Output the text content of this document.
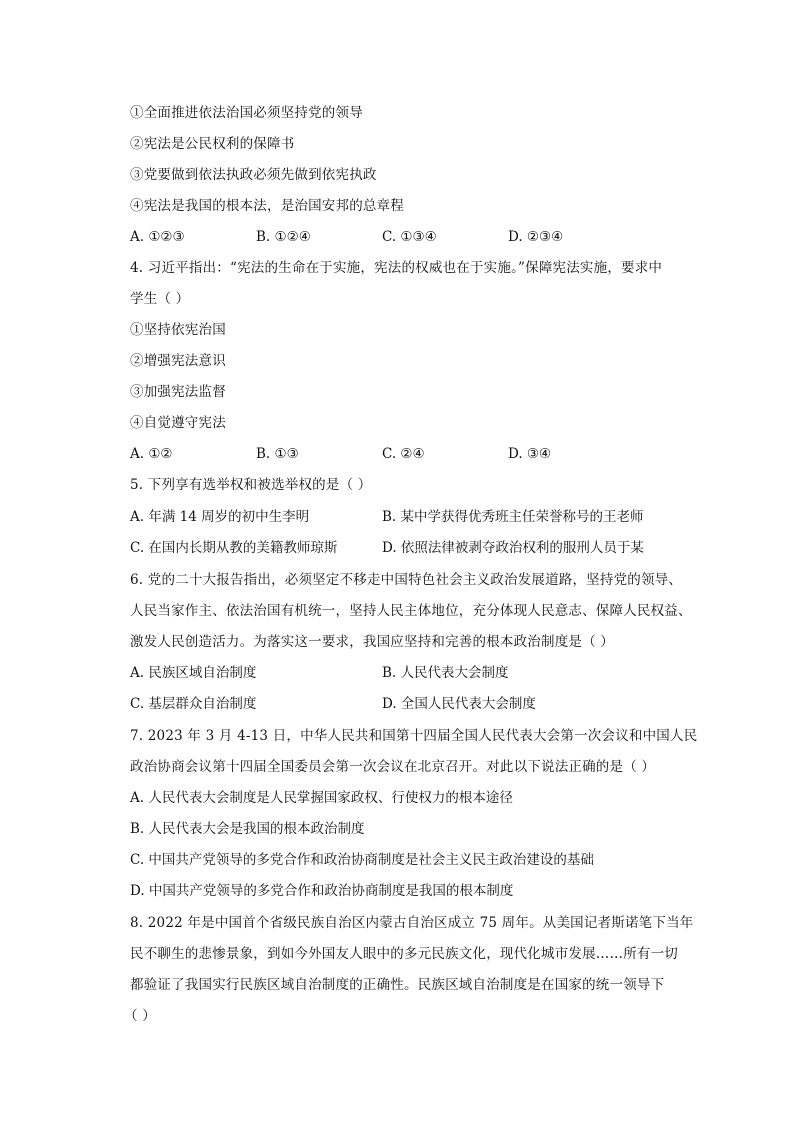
①全面推进依法治国必须坚持党的领导
②宪法是公民权利的保障书
③党要做到依法执政必须先做到依宪执政
④宪法是我国的根本法，是治国安邦的总章程
A. ①②③	B. ①②④	C. ①③④	D. ②③④
4. 习近平指出：“宪法的生命在于实施，宪法的权威也在于实施。”保障宪法实施，要求中
学生（ ）
①坚持依宪治国
②增强宪法意识
③加强宪法监督
④自觉遵守宪法
A. ①②	B. ①③	C. ②④	D. ③④
5. 下列享有选举权和被选举权的是（ ）
A. 年满 14 周岁的初中生李明	B. 某中学获得优秀班主任荣誉称号的王老师
C. 在国内长期从教的美籍教师琼斯	D. 依照法律被剥夺政治权利的服刑人员于某
6. 党的二十大报告指出，必须坚定不移走中国特色社会主义政治发展道路，坚持党的领导、
人民当家作主、依法治国有机统一，坚持人民主体地位，充分体现人民意志、保障人民权益、
激发人民创造活力。为落实这一要求，我国应坚持和完善的根本政治制度是（ ）
A. 民族区域自治制度	B. 人民代表大会制度
C. 基层群众自治制度	D. 全国人民代表大会制度
7. 2023 年 3 月 4-13 日，中华人民共和国第十四届全国人民代表大会第一次会议和中国人民
政治协商会议第十四届全国委员会第一次会议在北京召开。对此以下说法正确的是（ ）
A. 人民代表大会制度是人民掌握国家政权、行使权力的根本途径
B. 人民代表大会是我国的根本政治制度
C. 中国共产党领导的多党合作和政治协商制度是社会主义民主政治建设的基础
D. 中国共产党领导的多党合作和政治协商制度是我国的根本制度
8. 2022 年是中国首个省级民族自治区内蒙古自治区成立 75 周年。从美国记者斯诺笔下当年
民不聊生的悲惨景象，到如今外国友人眼中的多元民族文化，现代化城市发展……所有一切
都验证了我国实行民族区域自治制度的正确性。民族区域自治制度是在国家的统一领导下
（ ）
